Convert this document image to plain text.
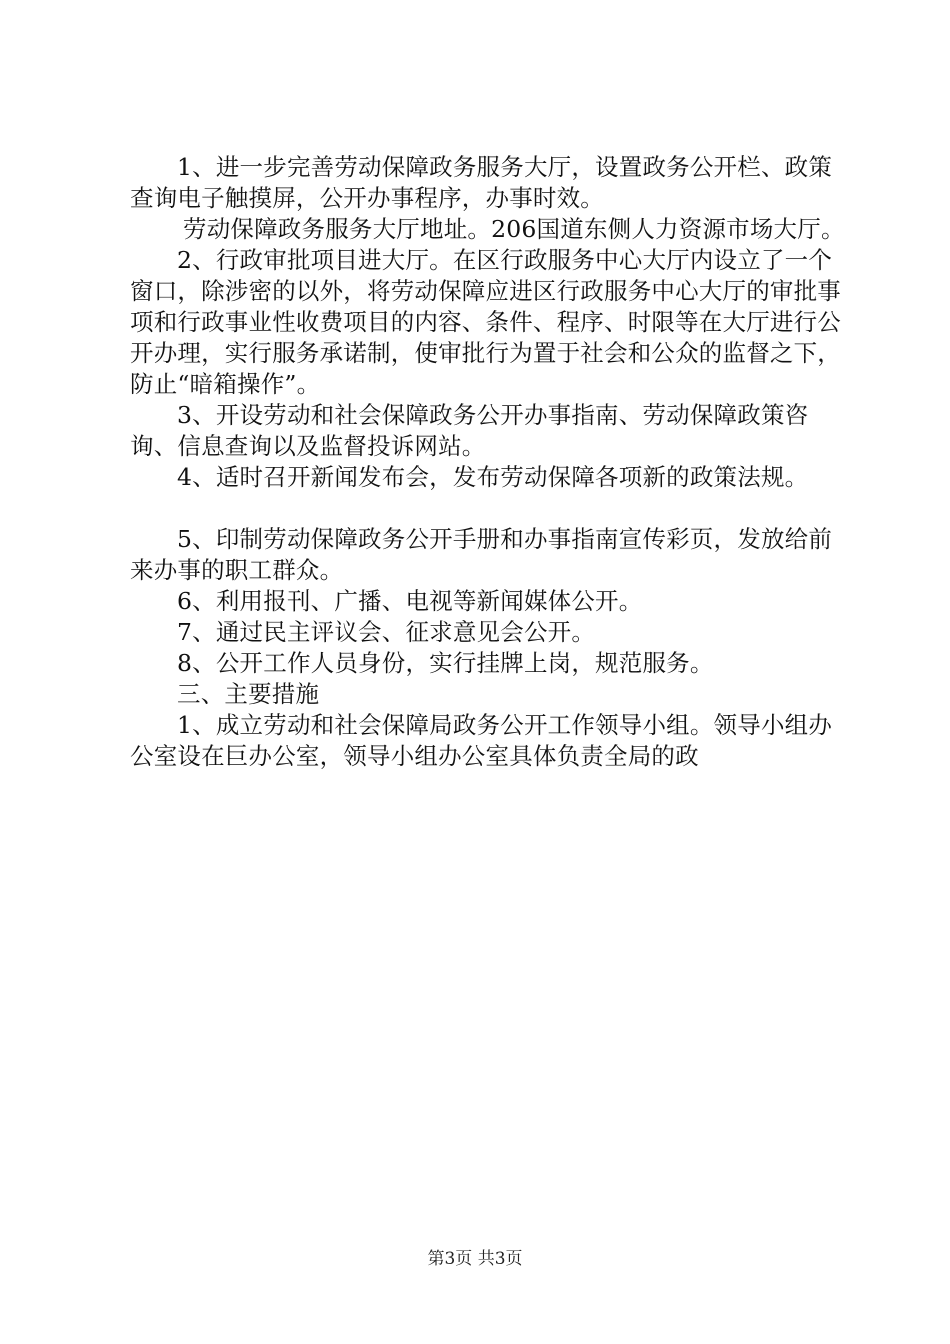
1、进一步完善劳动保障政务服务大厅，设置政务公开栏、政策查询电子触摸屏，公开办事程序，办事时效。

劳动保障政务服务大厅地址。206国道东侧人力资源市场大厅。

2、行政审批项目进大厅。在区行政服务中心大厅内设立了一个窗口，除涉密的以外，将劳动保障应进区行政服务中心大厅的审批事项和行政事业性收费项目的内容、条件、程序、时限等在大厅进行公开办理，实行服务承诺制，使审批行为置于社会和公众的监督之下，防止“暗箱操作”。

3、开设劳动和社会保障政务公开办事指南、劳动保障政策咨询、信息查询以及监督投诉网站。

4、适时召开新闻发布会，发布劳动保障各项新的政策法规。

5、印制劳动保障政务公开手册和办事指南宣传彩页，发放给前来办事的职工群众。

6、利用报刊、广播、电视等新闻媒体公开。

7、通过民主评议会、征求意见会公开。

8、公开工作人员身份，实行挂牌上岗，规范服务。

三、主要措施

1、成立劳动和社会保障局政务公开工作领导小组。领导小组办公室设在巨办公室，领导小组办公室具体负责全局的政

第3页 共3页
